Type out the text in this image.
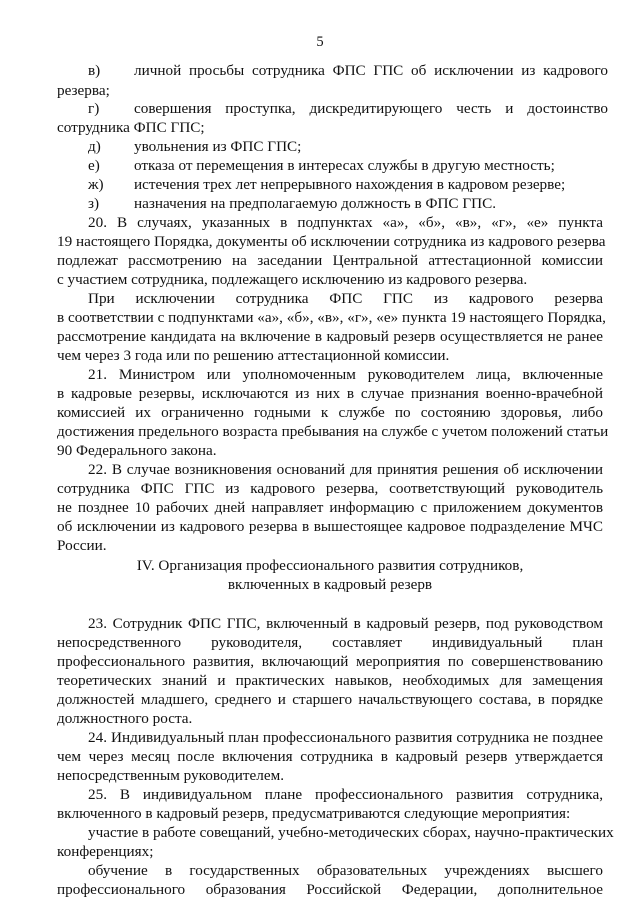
5
в) личной просьбы сотрудника ФПС ГПС об исключении из кадрового
резерва;
г) совершения проступка, дискредитирующего честь и достоинство
сотрудника ФПС ГПС;
д) увольнения из ФПС ГПС;
е) отказа от перемещения в интересах службы в другую местность;
ж) истечения трех лет непрерывного нахождения в кадровом резерве;
з) назначения на предполагаемую должность в ФПС ГПС.
20. В случаях, указанных в подпунктах «а», «б», «в», «г», «е» пункта
19 настоящего Порядка, документы об исключении сотрудника из кадрового резерва
подлежат рассмотрению на заседании Центральной аттестационной комиссии
с участием сотрудника, подлежащего исключению из кадрового резерва.
При исключении сотрудника ФПС ГПС из кадрового резерва
в соответствии с подпунктами «а», «б», «в», «г», «е» пункта 19 настоящего Порядка,
рассмотрение кандидата на включение в кадровый резерв осуществляется не ранее
чем через 3 года или по решению аттестационной комиссии.
21. Министром или уполномоченным руководителем лица, включенные
в кадровые резервы, исключаются из них в случае признания военно-врачебной
комиссией их ограниченно годными к службе по состоянию здоровья, либо
достижения предельного возраста пребывания на службе с учетом положений статьи
90 Федерального закона.
22. В случае возникновения оснований для принятия решения об исключении
сотрудника ФПС ГПС из кадрового резерва, соответствующий руководитель
не позднее 10 рабочих дней направляет информацию с приложением документов
об исключении из кадрового резерва в вышестоящее кадровое подразделение МЧС
России.
IV. Организация профессионального развития сотрудников,
включенных в кадровый резерв
23. Сотрудник ФПС ГПС, включенный в кадровый резерв, под руководством
непосредственного руководителя, составляет индивидуальный план
профессионального развития, включающий мероприятия по совершенствованию
теоретических знаний и практических навыков, необходимых для замещения
должностей младшего, среднего и старшего начальствующего состава, в порядке
должностного роста.
24. Индивидуальный план профессионального развития сотрудника не позднее
чем через месяц после включения сотрудника в кадровый резерв утверждается
непосредственным руководителем.
25. В индивидуальном плане профессионального развития сотрудника,
включенного в кадровый резерв, предусматриваются следующие мероприятия:
участие в работе совещаний, учебно-методических сборах, научно-практических
конференциях;
обучение в государственных образовательных учреждениях высшего
профессионального образования Российской Федерации, дополнительное
